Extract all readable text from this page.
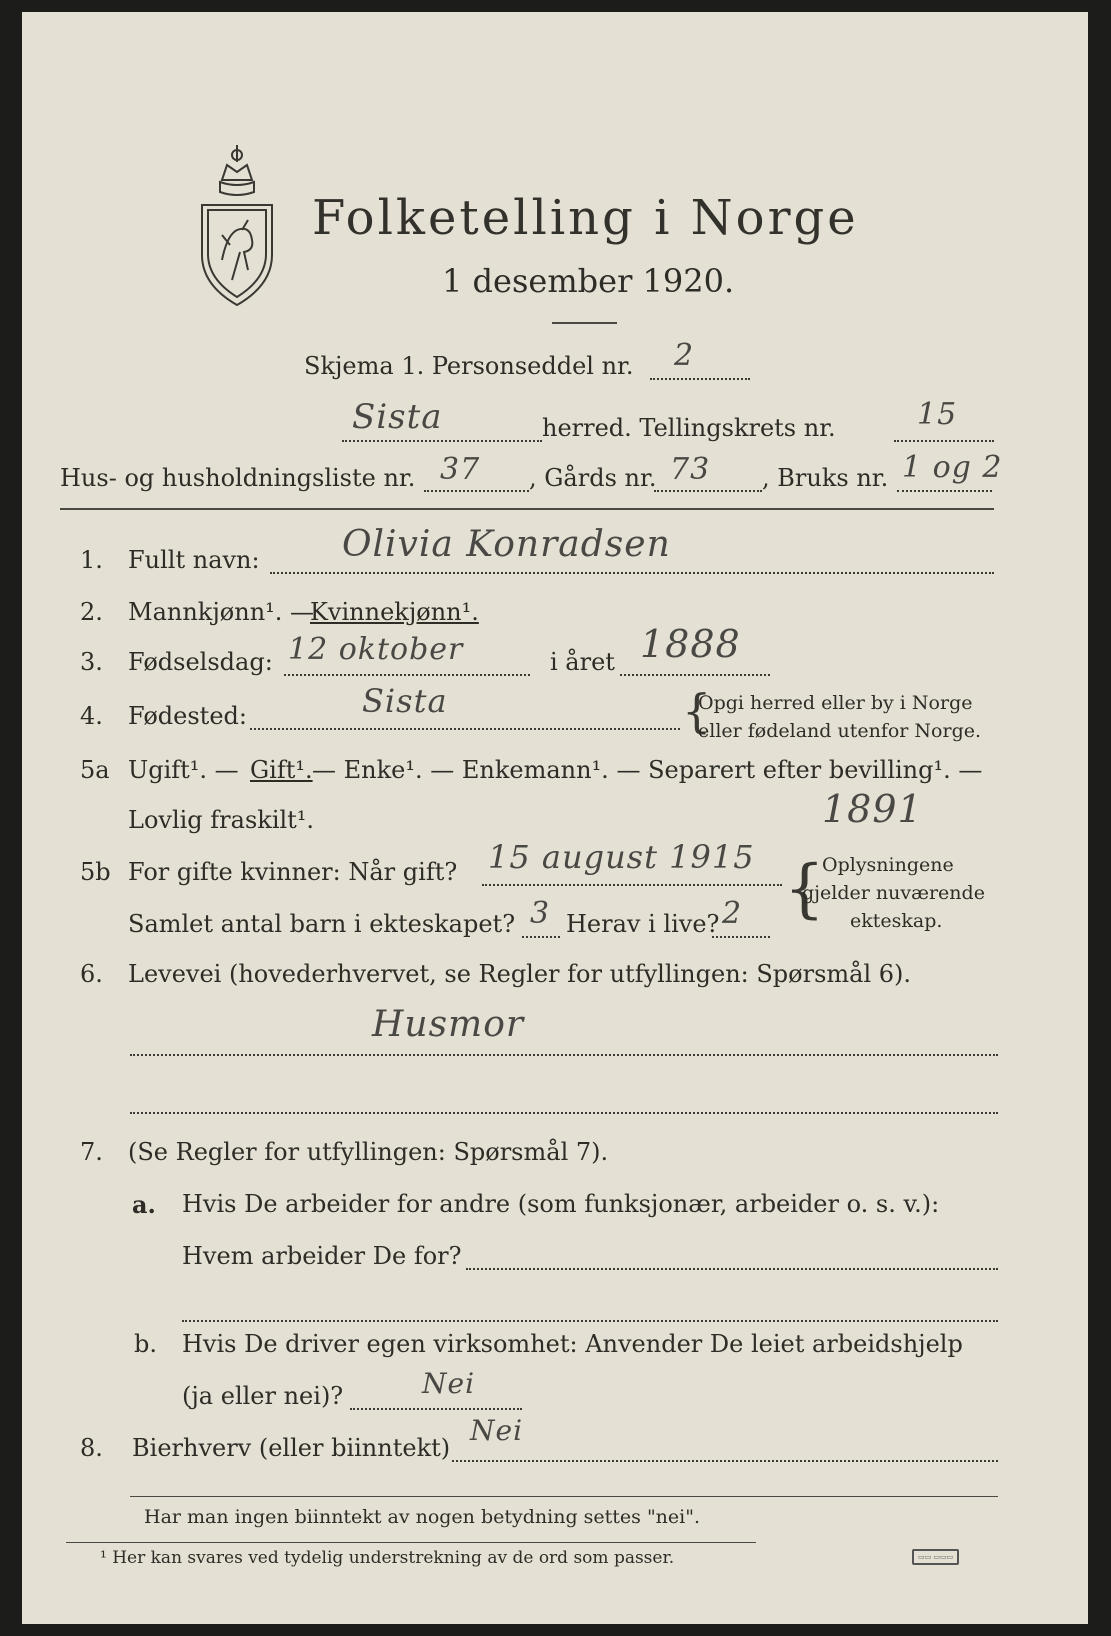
Folketelling i Norge
1 desember 1920.
Skjema 1. Personseddel nr. 2
Sista	herred. Tellingskrets nr.	15
Hus- og husholdningsliste nr. 37 , Gårds nr. 73 , Bruks nr. 1 og 2
1. Fullt navn: Olivia Konradsen
2. Mannkjønn¹. —
Kvinnekjønn¹.
3. Fødselsdag: 12 oktober	i året 1888
4. Fødested:	Sista	{
Opgi herred eller by i Norge
eller fødeland utenfor Norge.
5a Ugift¹. — Gift¹. — Enke¹. — Enkemann¹. — Separert efter bevilling¹. —
Lovlig fraskilt¹.	1891
5b For gifte kvinner: Når gift? 15 august 1915
Samlet antal barn i ekteskapet? 3 Herav i live? 2 {
Oplysningene
gjelder nuværende
ekteskap.
6. Levevei (hovederhvervet, se Regler for utfyllingen: Spørsmål 6).
Husmor
7. (Se Regler for utfyllingen: Spørsmål 7).
a. Hvis De arbeider for andre (som funksjonær, arbeider o. s. v.):
Hvem arbeider De for?
b. Hvis De driver egen virksomhet: Anvender De leiet arbeidshjelp
(ja eller nei)?	Nei
8. Bierhverv (eller biinntekt)
Nei
Har man ingen biinntekt av nogen betydning settes "nei".
¹ Her kan svares ved tydelig understrekning av de ord som passer.	▭▭ ▭▭▭
